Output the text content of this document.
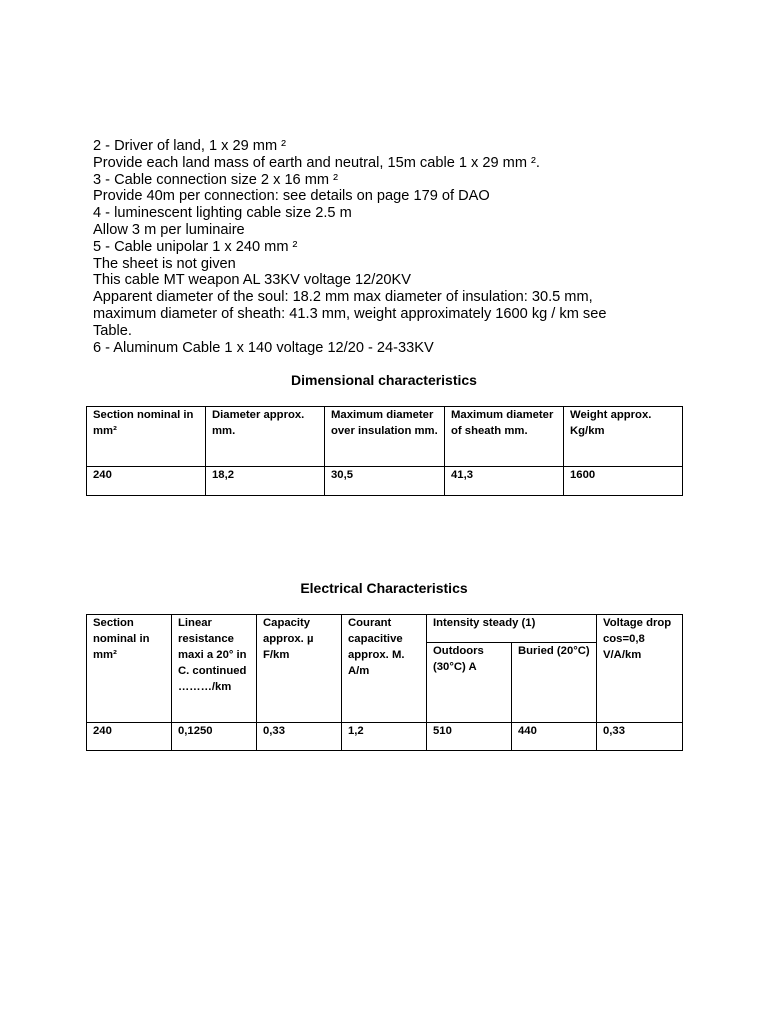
2 - Driver of land, 1 x 29 mm ²
Provide each land mass of earth and neutral, 15m cable 1 x 29 mm ².
3 - Cable connection size 2 x 16 mm ²
Provide 40m per connection: see details on page 179 of DAO
4 - luminescent lighting cable size 2.5 m
Allow 3 m per luminaire
5 - Cable unipolar 1 x 240 mm ²
The sheet is not given
This cable MT weapon AL 33KV voltage 12/20KV
Apparent diameter of the soul: 18.2 mm max diameter of insulation: 30.5 mm,
maximum diameter of sheath: 41.3 mm, weight approximately 1600 kg / km see
Table.
6 - Aluminum Cable 1 x 140 voltage 12/20 - 24-33KV
Dimensional characteristics
Section nominal in mm²	Diameter approx. mm.	Maximum diameter over insulation mm.	Maximum diameter of sheath mm.	Weight approx. Kg/km
240	18,2	30,5	41,3	1600
Electrical Characteristics
Section nominal in mm²	Linear resistance maxi a 20° in C. continued ………/km	Capacity approx. µ F/km	Courant capacitive approx. M. A/m	Intensity steady (1)		Voltage drop cos=0,8 V/A/km
				Outdoors (30°C) A	Buried (20°C)	
240	0,1250	0,33	1,2	510	440	0,33
